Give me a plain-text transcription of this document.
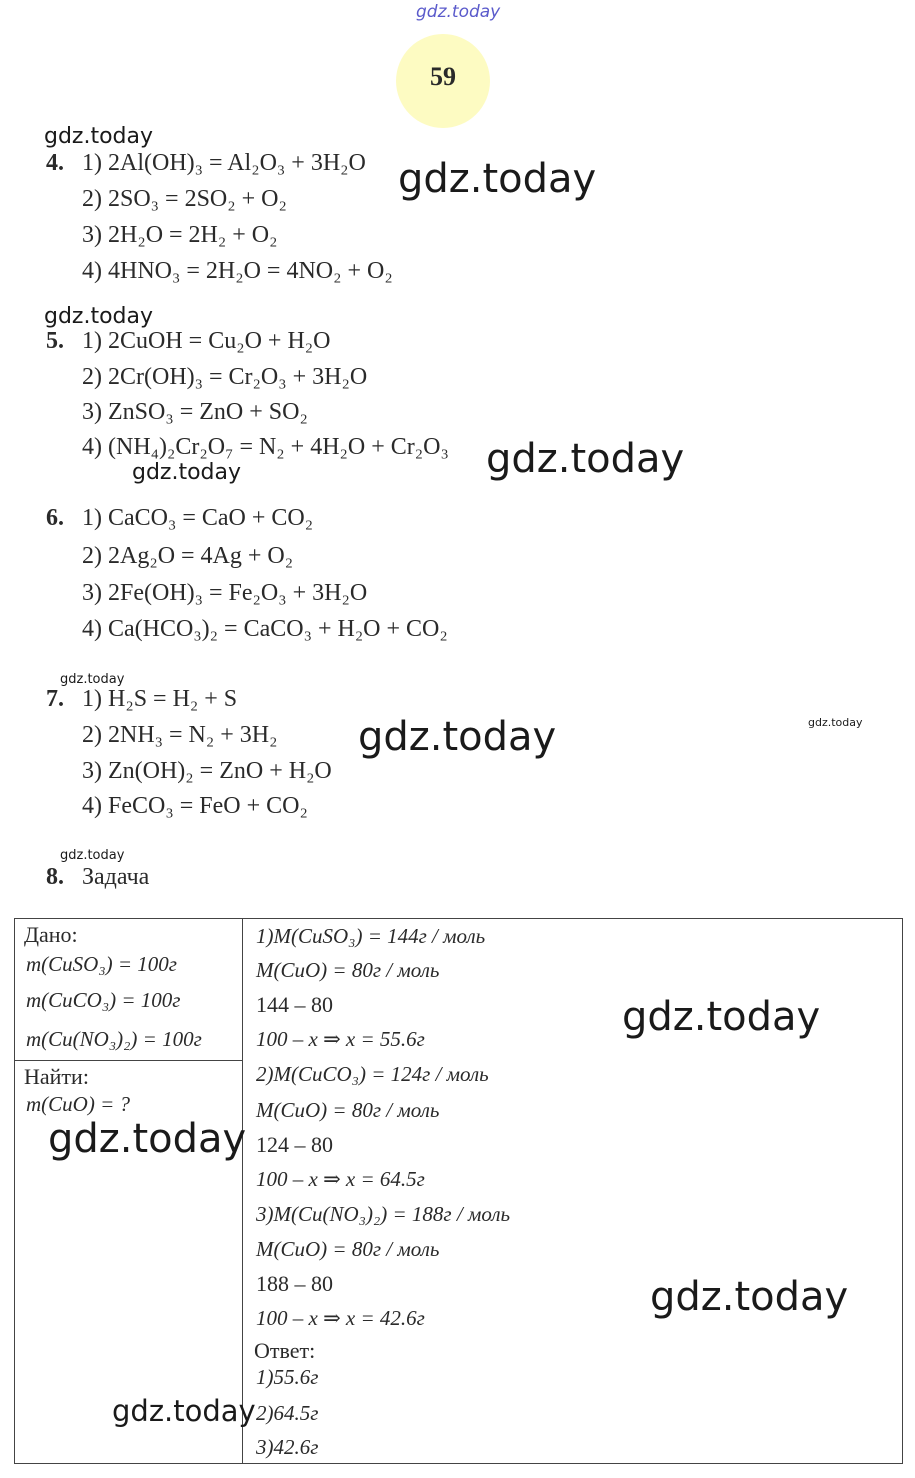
gdz.today
59
gdz.today
4. 1) 2Al(OH)₃ = Al₂O₃ + 3H₂O
2) 2SO₃ = 2SO₂ + O₂
3) 2H₂O = 2H₂ + O₂
4) 4HNO₃ = 2H₂O = 4NO₂ + O₂
gdz.today
gdz.today
5. 1) 2CuOH = Cu₂O + H₂O
2) 2Cr(OH)₃ = Cr₂O₃ + 3H₂O
3) ZnSO₃ = ZnO + SO₂
4) (NH₄)₂Cr₂O₇ = N₂ + 4H₂O + Cr₂O₃ gdz.today
gdz.today
6. 1) CaCO₃ = CaO + CO₂
2) 2Ag₂O = 4Ag + O₂
3) 2Fe(OH)₃ = Fe₂O₃ + 3H₂O
4) Ca(HCO₃)₂ = CaCO₃ + H₂O + CO₂
gdz.today
7. 1) H₂S = H₂ + S
2) 2NH₃ = N₂ + 3H₂
3) Zn(OH)₂ = ZnO + H₂O
4) FeCO₃ = FeO + CO₂
gdz.today
gdz.today
gdz.today
8. Задача
Дано:
m(CuSO₃) = 100г
m(CuCO₃) = 100г
m(Cu(NO₃)₂) = 100г
Найти:
m(CuO) = ?
1)M(CuSO₃) = 144г / моль
M(CuO) = 80г / моль
144 – 80
100 – x ⇒ x = 55.6г
2)M(CuCO₃) = 124г / моль
M(CuO) = 80г / моль
124 – 80
100 – x ⇒ x = 64.5г
3)M(Cu(NO₃)₂) = 188г / моль
M(CuO) = 80г / моль
188 – 80
100 – x ⇒ x = 42.6г
Ответ:
1)55.6г
2)64.5г
3)42.6г
gdz.today
gdz.today
gdz.today
gdz.today
